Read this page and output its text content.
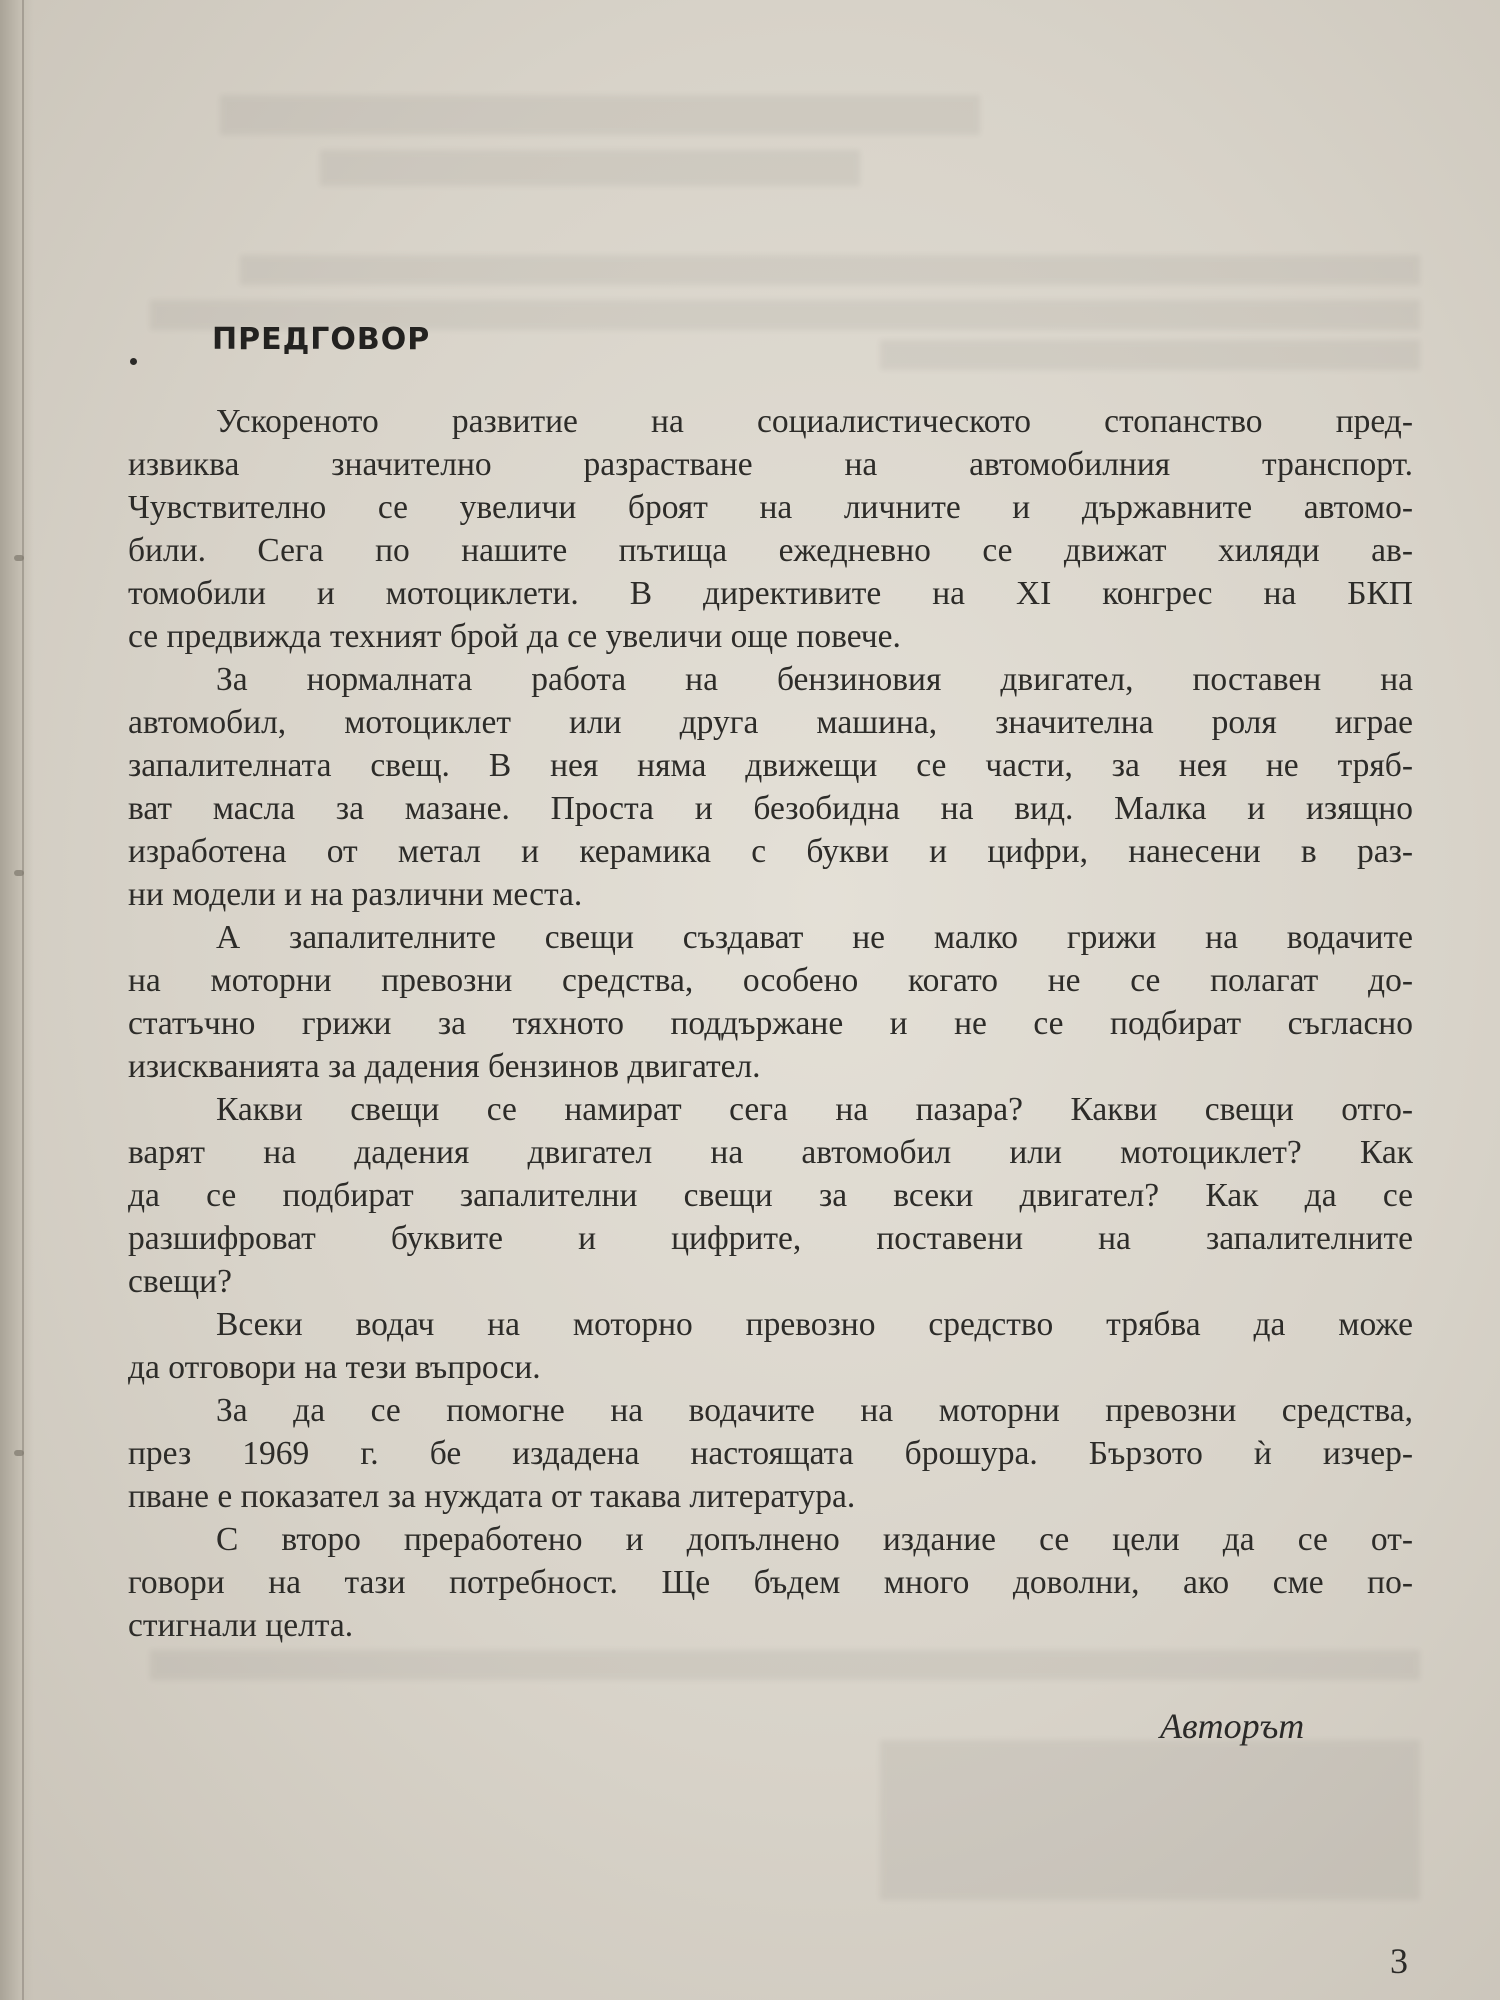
ПРЕДГОВОР
Ускореното развитие на социалистическото стопанство пред-
извиква значително разрастване на автомобилния транспорт.
Чувствително се увеличи броят на личните и държавните автомо-
били. Сега по нашите пътища ежедневно се движат хиляди ав-
томобили и мотоциклети. В директивите на XI конгрес на БКП
се предвижда техният брой да се увеличи още повече.
За нормалната работа на бензиновия двигател, поставен на
автомобил, мотоциклет или друга машина, значителна роля играе
запалителната свещ. В нея няма движещи се части, за нея не тряб-
ват масла за мазане. Проста и безобидна на вид. Малка и изящно
изработена от метал и керамика с букви и цифри, нанесени в раз-
ни модели и на различни места.
А запалителните свещи създават не малко грижи на водачите
на моторни превозни средства, особено когато не се полагат до-
статъчно грижи за тяхното поддържане и не се подбират съгласно
изискванията за дадения бензинов двигател.
Какви свещи се намират сега на пазара? Какви свещи отго-
варят на дадения двигател на автомобил или мотоциклет? Как
да се подбират запалителни свещи за всеки двигател? Как да се
разшифроват буквите и цифрите, поставени на запалителните
свещи?
Всеки водач на моторно превозно средство трябва да може
да отговори на тези въпроси.
За да се помогне на водачите на моторни превозни средства,
през 1969 г. бе издадена настоящата брошура. Бързото ѝ изчер-
пване е показател за нуждата от такава литература.
С второ преработено и допълнено издание се цели да се от-
говори на тази потребност. Ще бъдем много доволни, ако сме по-
стигнали целта.
Авторът
3
